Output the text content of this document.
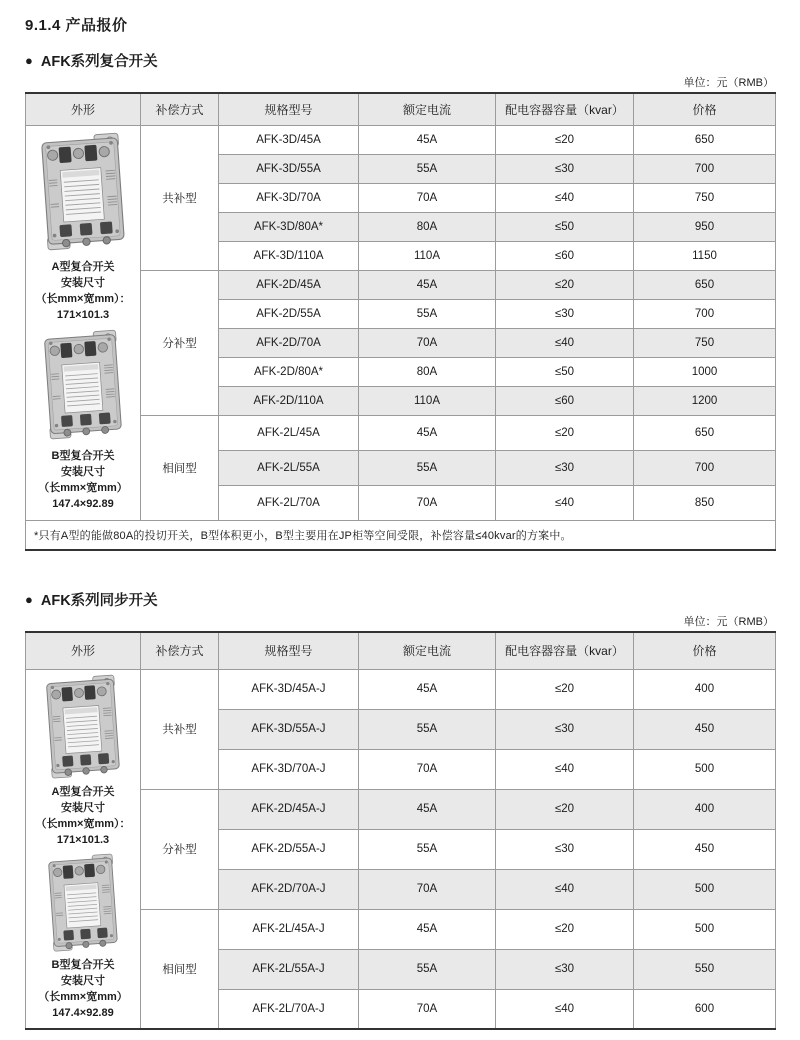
9.1.4 产品报价
● AFK系列复合开关
单位：元（RMB）
外形	补偿方式	规格型号	额定电流	配电容器容量（kvar）	价格

A型复合开关
安装尺寸
（长mm×宽mm）：
171×101.3
B型复合开关
安装尺寸
（长mm×宽mm）
147.4×92.89
	共补型	AFK-3D/45A	45A	≤20	650
		AFK-3D/55A	55A	≤30	700
		AFK-3D/70A	70A	≤40	750
		AFK-3D/80A*	80A	≤50	950
		AFK-3D/110A	110A	≤60	1150
	分补型	AFK-2D/45A	45A	≤20	650
		AFK-2D/55A	55A	≤30	700
		AFK-2D/70A	70A	≤40	750
		AFK-2D/80A*	80A	≤50	1000
		AFK-2D/110A	110A	≤60	1200
	相间型	AFK-2L/45A	45A	≤20	650
		AFK-2L/55A	55A	≤30	700
		AFK-2L/70A	70A	≤40	850
*只有A型的能做80A的投切开关，B型体积更小，B型主要用在JP柜等空间受限，补偿容量≤40kvar的方案中。					
● AFK系列同步开关
单位：元（RMB）
外形	补偿方式	规格型号	额定电流	配电容器容量（kvar）	价格

A型复合开关
安装尺寸
（长mm×宽mm）：
171×101.3
B型复合开关
安装尺寸
（长mm×宽mm）
147.4×92.89
	共补型	AFK-3D/45A-J	45A	≤20	400
		AFK-3D/55A-J	55A	≤30	450
		AFK-3D/70A-J	70A	≤40	500
	分补型	AFK-2D/45A-J	45A	≤20	400
		AFK-2D/55A-J	55A	≤30	450
		AFK-2D/70A-J	70A	≤40	500
	相间型	AFK-2L/45A-J	45A	≤20	500
		AFK-2L/55A-J	55A	≤30	550
		AFK-2L/70A-J	70A	≤40	600
